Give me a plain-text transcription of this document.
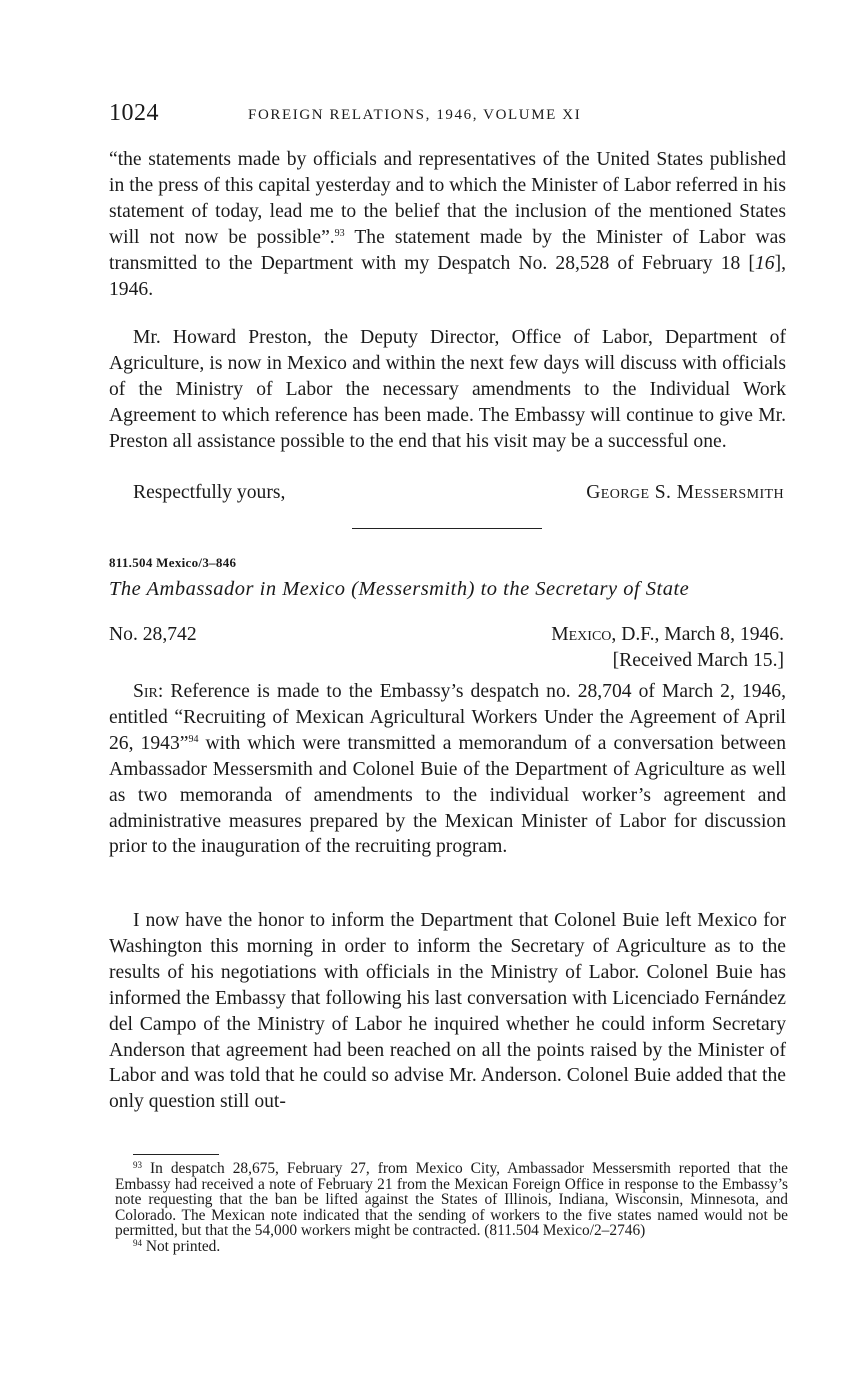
1024	FOREIGN RELATIONS, 1946, VOLUME XI

“the statements made by officials and representatives of the United States published in the press of this capital yesterday and to which the Minister of Labor referred in his statement of today, lead me to the belief that the inclusion of the mentioned States will not now be possible”.$^{93}$ The statement made by the Minister of Labor was transmitted to the Department with my Despatch No. 28,528 of February 18 [16], 1946.

Mr. Howard Preston, the Deputy Director, Office of Labor, Department of Agriculture, is now in Mexico and within the next few days will discuss with officials of the Ministry of Labor the necessary amendments to the Individual Work Agreement to which reference has been made. The Embassy will continue to give Mr. Preston all assistance possible to the end that his visit may be a successful one.

Respectfully yours,	George S. Messersmith
811.504 Mexico/3–846
The Ambassador in Mexico (Messersmith) to the Secretary of State
No. 28,742	Mexico, D.F., March 8, 1946.
[Received March 15.]

Sir: Reference is made to the Embassy’s despatch no. 28,704 of March 2, 1946, entitled “Recruiting of Mexican Agricultural Workers Under the Agreement of April 26, 1943”$^{94}$ with which were transmitted a memorandum of a conversation between Ambassador Messersmith and Colonel Buie of the Department of Agriculture as well as two memoranda of amendments to the individual worker’s agreement and administrative measures prepared by the Mexican Minister of Labor for discussion prior to the inauguration of the recruiting program.

I now have the honor to inform the Department that Colonel Buie left Mexico for Washington this morning in order to inform the Secretary of Agriculture as to the results of his negotiations with officials in the Ministry of Labor. Colonel Buie has informed the Embassy that following his last conversation with Licenciado Fernández del Campo of the Ministry of Labor he inquired whether he could inform Secretary Anderson that agreement had been reached on all the points raised by the Minister of Labor and was told that he could so advise Mr. Anderson. Colonel Buie added that the only question still out-

$^{93}$ In despatch 28,675, February 27, from Mexico City, Ambassador Messersmith reported that the Embassy had received a note of February 21 from the Mexican Foreign Office in response to the Embassy’s note requesting that the ban be lifted against the States of Illinois, Indiana, Wisconsin, Minnesota, and Colorado. The Mexican note indicated that the sending of workers to the five states named would not be permitted, but that the 54,000 workers might be contracted. (811.504 Mexico/2–2746)

$^{94}$ Not printed.
